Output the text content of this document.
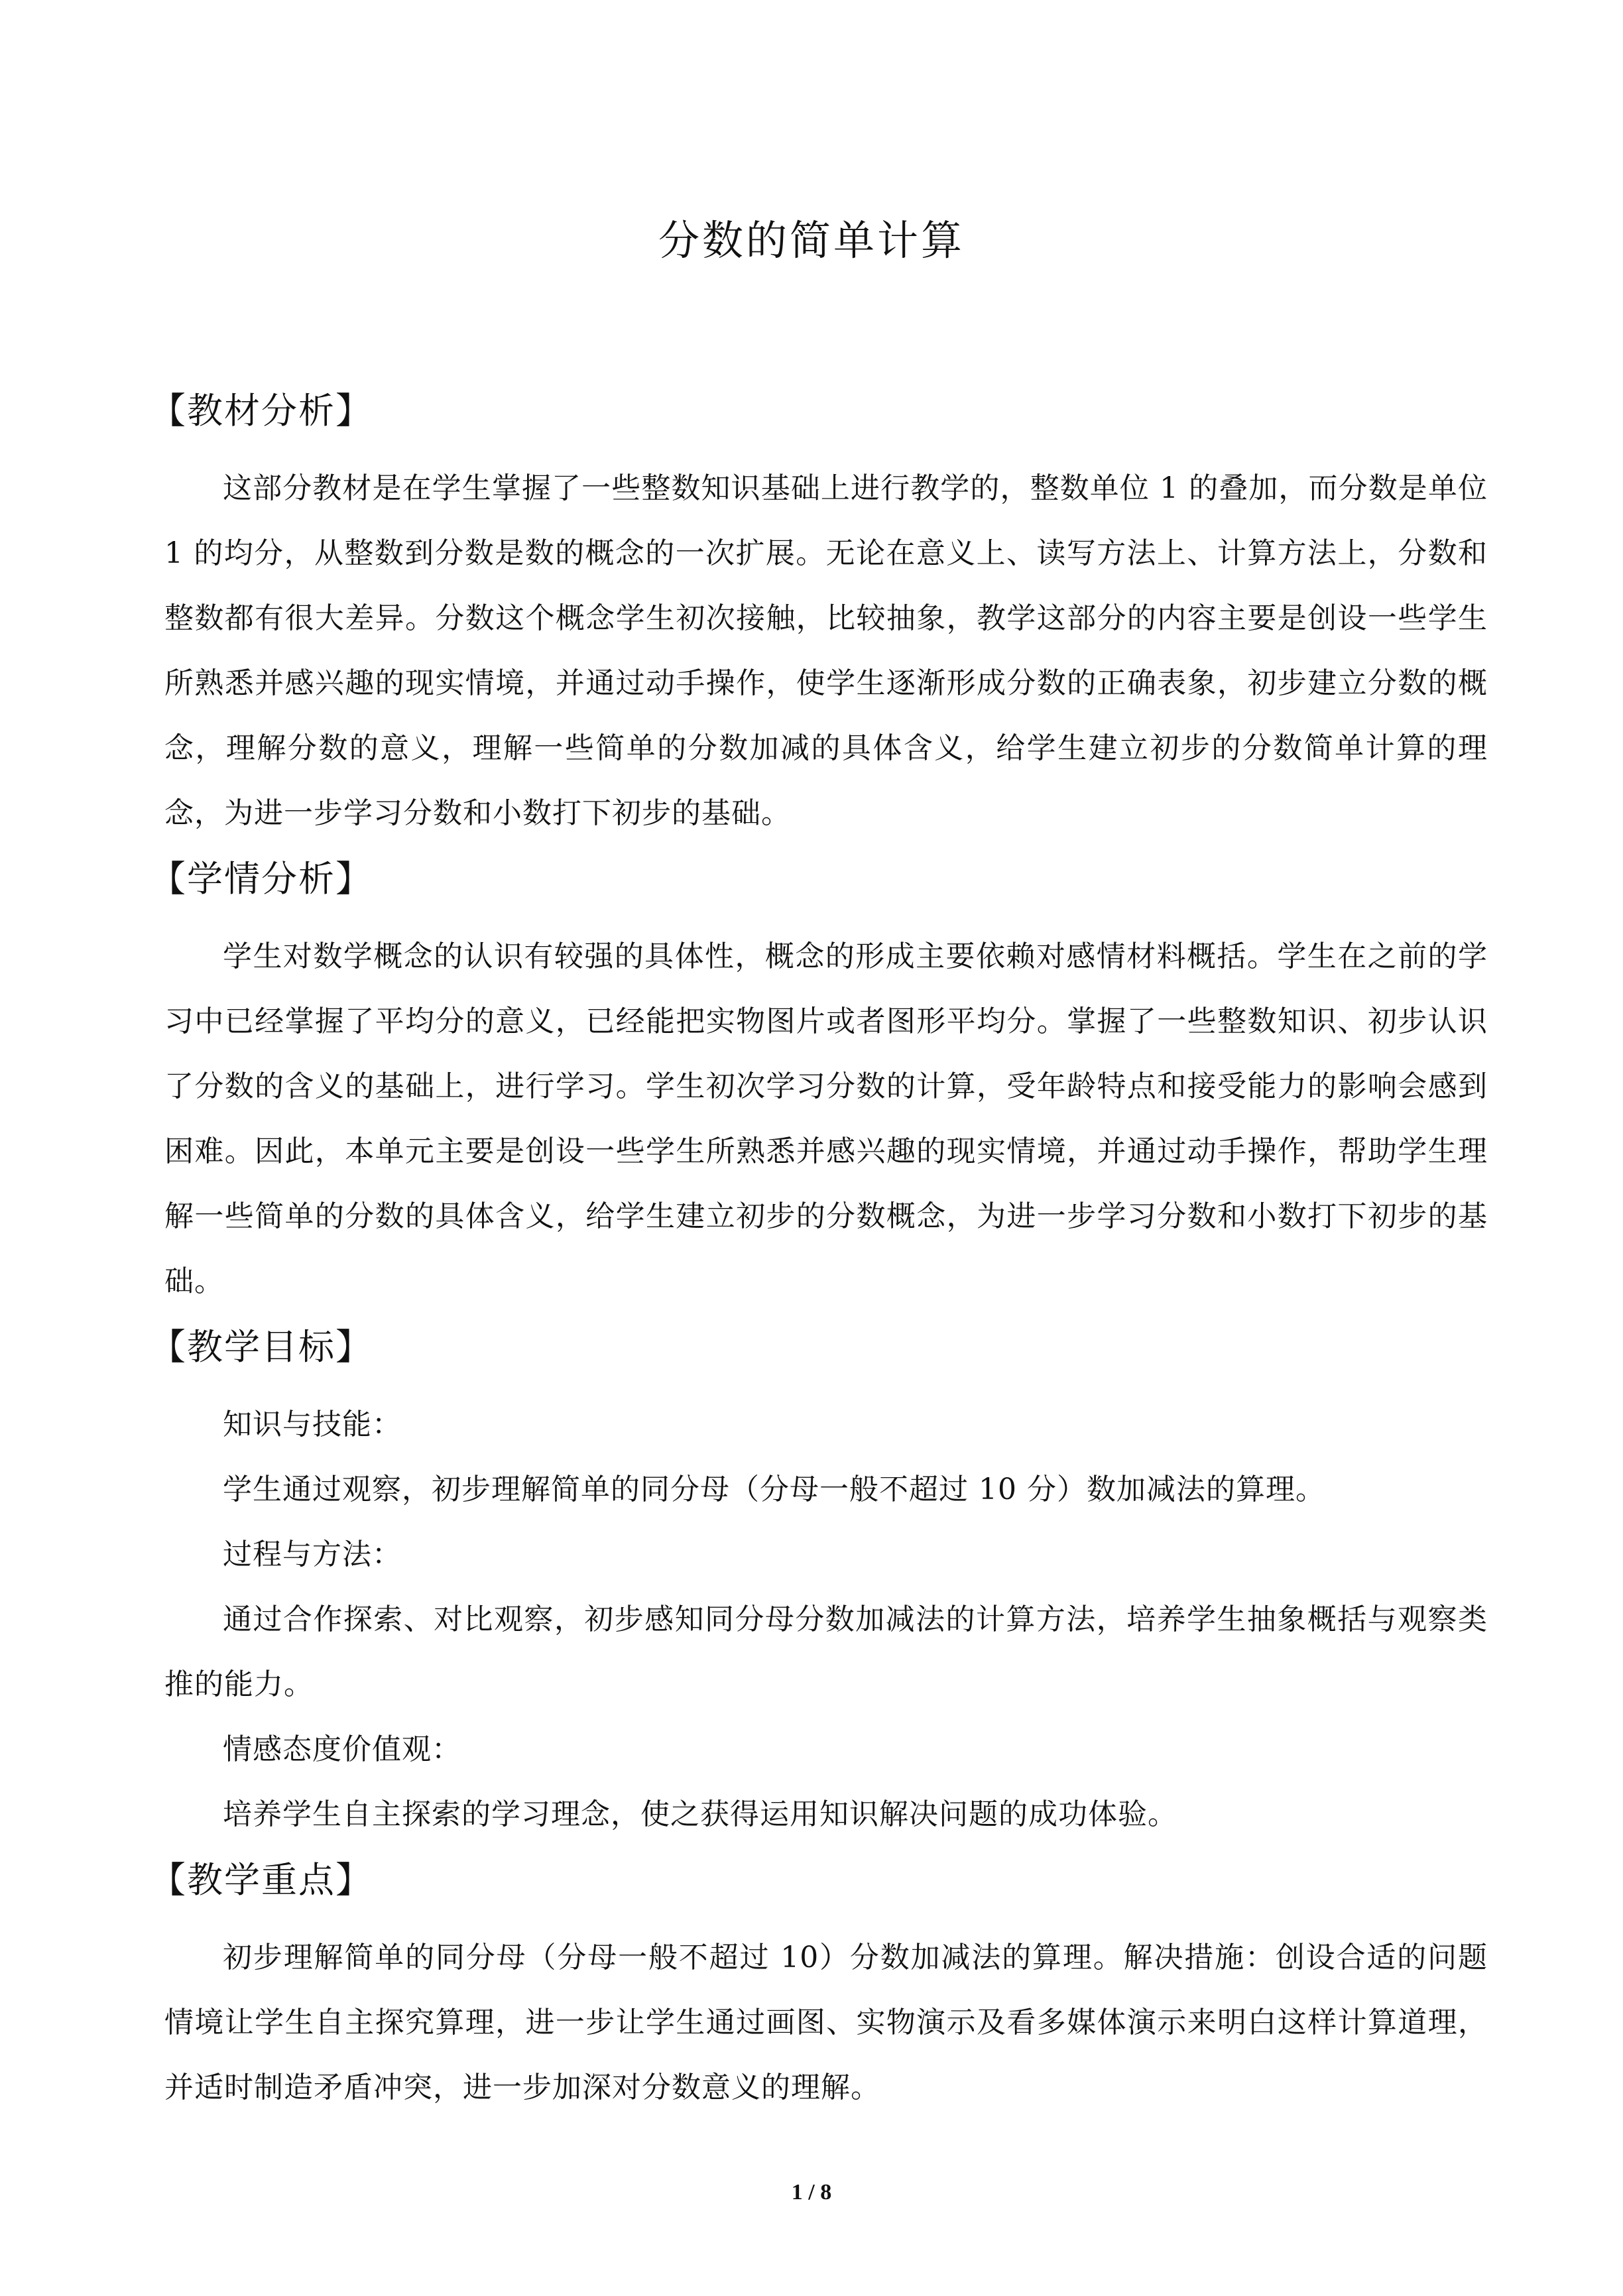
分数的简单计算
【教材分析】

这部分教材是在学生掌握了一些整数知识基础上进行教学的，整数单位 1 的叠加，而分数是单位 1 的均分，从整数到分数是数的概念的一次扩展。无论在意义上、读写方法上、计算方法上，分数和整数都有很大差异。分数这个概念学生初次接触，比较抽象，教学这部分的内容主要是创设一些学生所熟悉并感兴趣的现实情境，并通过动手操作，使学生逐渐形成分数的正确表象，初步建立分数的概念，理解分数的意义，理解一些简单的分数加减的具体含义，给学生建立初步的分数简单计算的理念，为进一步学习分数和小数打下初步的基础。

【学情分析】

学生对数学概念的认识有较强的具体性，概念的形成主要依赖对感情材料概括。学生在之前的学习中已经掌握了平均分的意义，已经能把实物图片或者图形平均分。掌握了一些整数知识、初步认识了分数的含义的基础上，进行学习。学生初次学习分数的计算，受年龄特点和接受能力的影响会感到困难。因此，本单元主要是创设一些学生所熟悉并感兴趣的现实情境，并通过动手操作，帮助学生理解一些简单的分数的具体含义，给学生建立初步的分数概念，为进一步学习分数和小数打下初步的基础。

【教学目标】
知识与技能：
学生通过观察，初步理解简单的同分母（分母一般不超过 10 分）数加减法的算理。
过程与方法：
通过合作探索、对比观察，初步感知同分母分数加减法的计算方法，培养学生抽象概括与观察类推的能力。
情感态度价值观：
培养学生自主探索的学习理念，使之获得运用知识解决问题的成功体验。
【教学重点】

初步理解简单的同分母（分母一般不超过 10）分数加减法的算理。解决措施：创设合适的问题情境让学生自主探究算理，进一步让学生通过画图、实物演示及看多媒体演示来明白这样计算道理，并适时制造矛盾冲突，进一步加深对分数意义的理解。

1 / 8
